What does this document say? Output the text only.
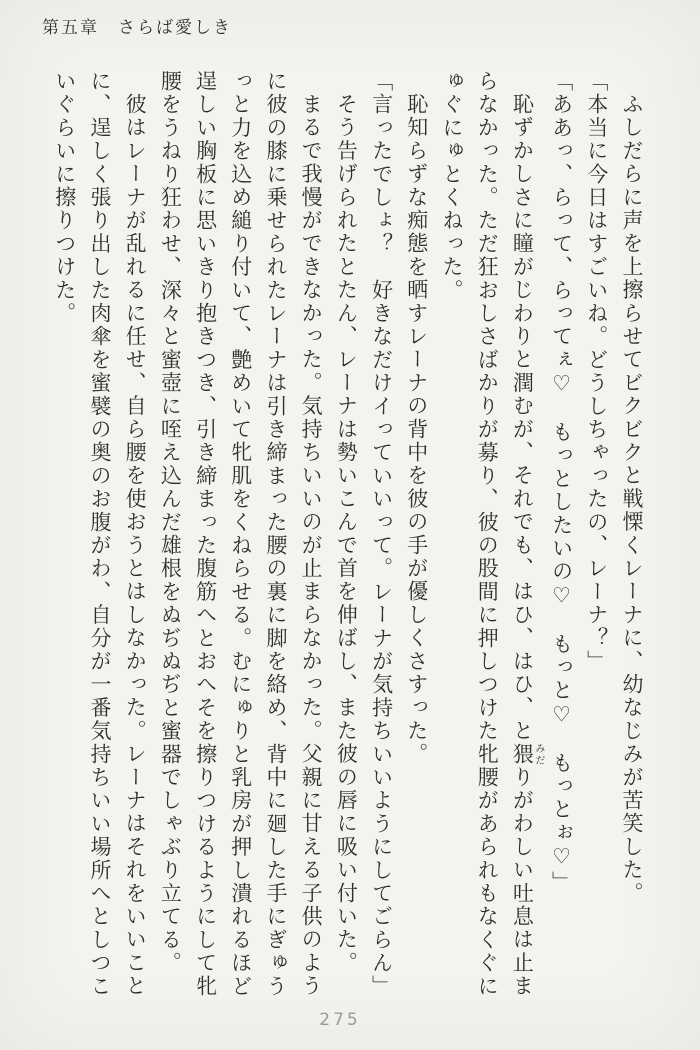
第五章　さらば愛しき

ふしだらに声を上擦らせてビクビクと戦慄くレーナに、幼なじみが苦笑した。

「本当に今日はすごいね。どうしちゃったの、レーナ？」

「ああっ、らって、らってぇ♡　もっとしたいの♡　もっと♡　もっとぉ♡」

恥ずかしさに瞳がじわりと潤むが、それでも、はひ、はひ、と猥みだりがわしい吐息は止まらなかった。ただ狂おしさばかりが募り、彼の股間に押しつけた牝腰があられもなくぐにゅぐにゅとくねった。

恥知らずな痴態を晒すレーナの背中を彼の手が優しくさすった。

「言ったでしょ？　好きなだけイっていいって。レーナが気持ちいいようにしてごらん」

そう告げられたとたん、レーナは勢いこんで首を伸ばし、また彼の唇に吸い付いた。

まるで我慢ができなかった。気持ちいいのが止まらなかった。父親に甘える子供のように彼の膝に乗せられたレーナは引き締まった腰の裏に脚を絡め、背中に廻した手にぎゅうっと力を込め縋り付いて、艶めいて牝肌をくねらせる。むにゅりと乳房が押し潰れるほど逞しい胸板に思いきり抱きつき、引き締まった腹筋へとおへそを擦りつけるようにして牝腰をうねり狂わせ、深々と蜜壺に咥え込んだ雄根をぬぢぬぢと蜜器でしゃぶり立てる。

彼はレーナが乱れるに任せ、自ら腰を使おうとはしなかった。レーナはそれをいいことに、逞しく張り出した肉傘を蜜襞の奥のお腹がわ、自分が一番気持ちいい場所へとしつこいぐらいに擦りつけた。

275
